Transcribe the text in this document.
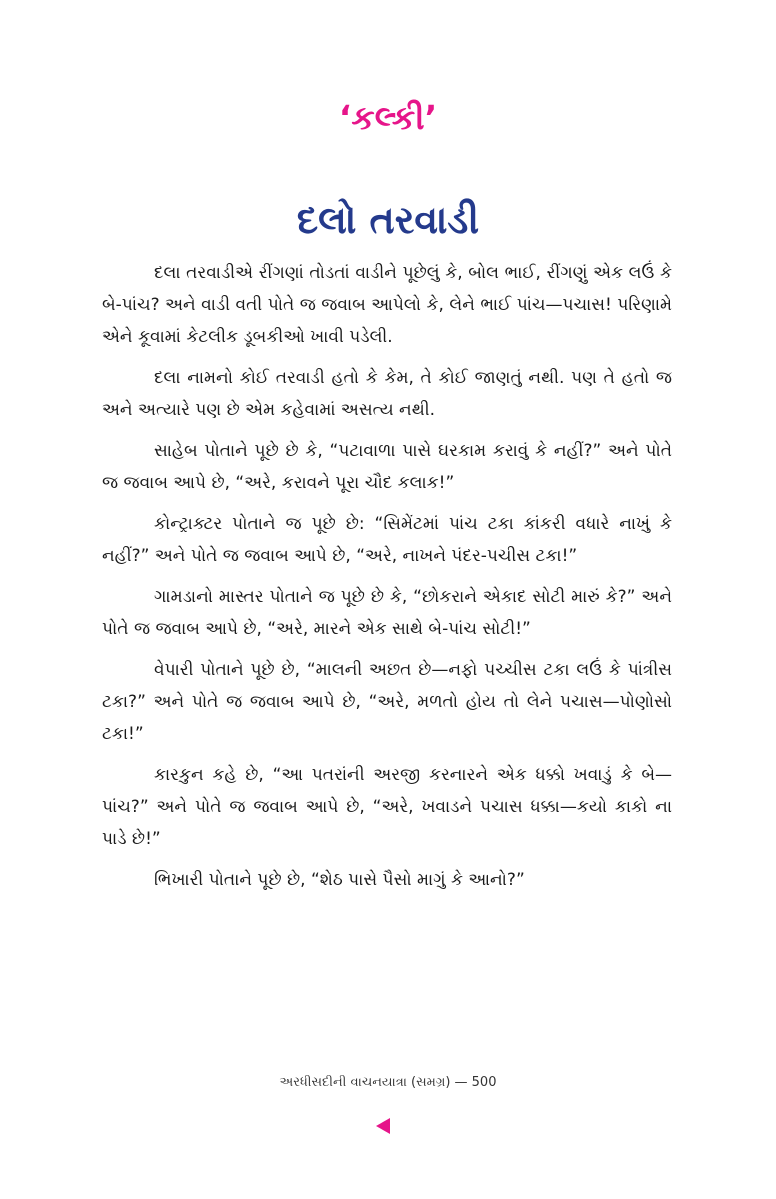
‘કલ્કી’
દલો તરવાડી

દલા તરવાડીએ રીંગણાં તોડતાં વાડીને પૂછેલું કે, બોલ ભાઈ, રીંગણું એક લઉં કે બે-પાંચ? અને વાડી વતી પોતે જ જવાબ આપેલો કે, લેને ભાઈ પાંચ—પચાસ! પરિણામે એને કૂવામાં કેટલીક ડૂબકીઓ ખાવી પડેલી.

દલા નામનો કોઈ તરવાડી હતો કે કેમ, તે કોઈ જાણતું નથી. પણ તે હતો જ અને અત્યારે પણ છે એમ કહેવામાં અસત્ય નથી.

સાહેબ પોતાને પૂછે છે કે, “પટાવાળા પાસે ઘરકામ કરાવું કે નહીં?” અને પોતે જ જવાબ આપે છે, “અરે, કરાવને પૂરા ચૌદ કલાક!”

કોન્ટ્રાક્ટર પોતાને જ પૂછે છે: “સિમેંટમાં પાંચ ટકા કાંકરી વધારે નાખું કે નહીં?” અને પોતે જ જવાબ આપે છે, “અરે, નાખને પંદર-પચીસ ટકા!”

ગામડાનો માસ્તર પોતાને જ પૂછે છે કે, “છોકરાને એકાદ સોટી મારું કે?” અને પોતે જ જવાબ આપે છે, “અરે, મારને એક સાથે બે-પાંચ સોટી!”

વેપારી પોતાને પૂછે છે, “માલની અછત છે—નફો પચ્ચીસ ટકા લઉં કે પાંત્રીસ ટકા?” અને પોતે જ જવાબ આપે છે, “અરે, મળતો હોય તો લેને પચાસ—પોણોસો ટકા!”

કારકુન કહે છે, “આ પતરાંની અરજી કરનારને એક ધક્કો ખવાડું કે બે—પાંચ?” અને પોતે જ જવાબ આપે છે, “અરે, ખવાડને પચાસ ધક્કા—કયો કાકો ના પાડે છે!”

ભિખારી પોતાને પૂછે છે, “શેઠ પાસે પૈસો માગું કે આનો?”

અરધીસદીની વાચનયાત્રા (સમગ્ર) — 500
